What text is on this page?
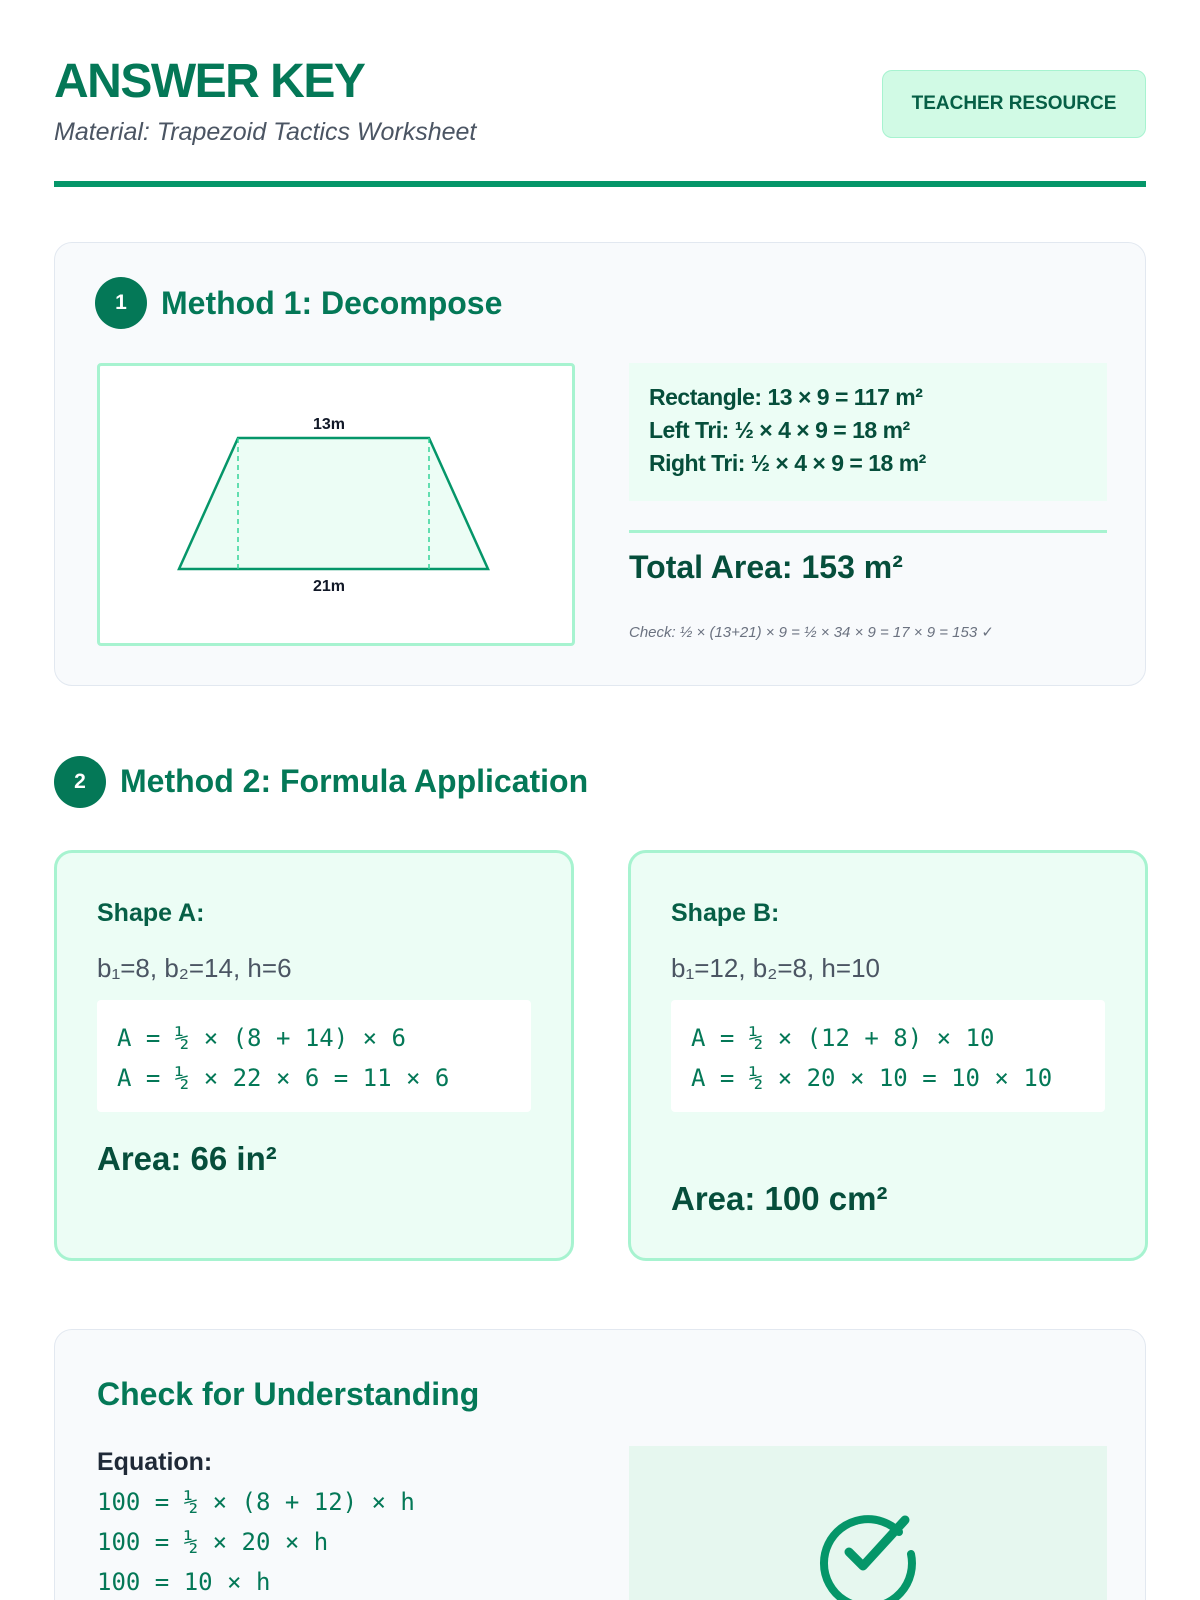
ANSWER KEY
Material: Trapezoid Tactics Worksheet
TEACHER RESOURCE
1	Method 1: Decompose
13m
21m
Rectangle: 13 × 9 = 117 m²
Left Tri: ½ × 4 × 9 = 18 m²
Right Tri: ½ × 4 × 9 = 18 m²
Total Area: 153 m²
Check: ½ × (13+21) × 9 = ½ × 34 × 9 = 17 × 9 = 153 ✓
2	Method 2: Formula Application
Shape A:
b₁=8, b₂=14, h=6
A = ½ × (8 + 14) × 6
A = ½ × 22 × 6 = 11 × 6
Area: 66 in²
Shape B:
b₁=12, b₂=8, h=10
A = ½ × (12 + 8) × 10
A = ½ × 20 × 10 = 10 × 10
Area: 100 cm²
Check for Understanding
Equation:
100 = ½ × (8 + 12) × h
100 = ½ × 20 × h
100 = 10 × h
